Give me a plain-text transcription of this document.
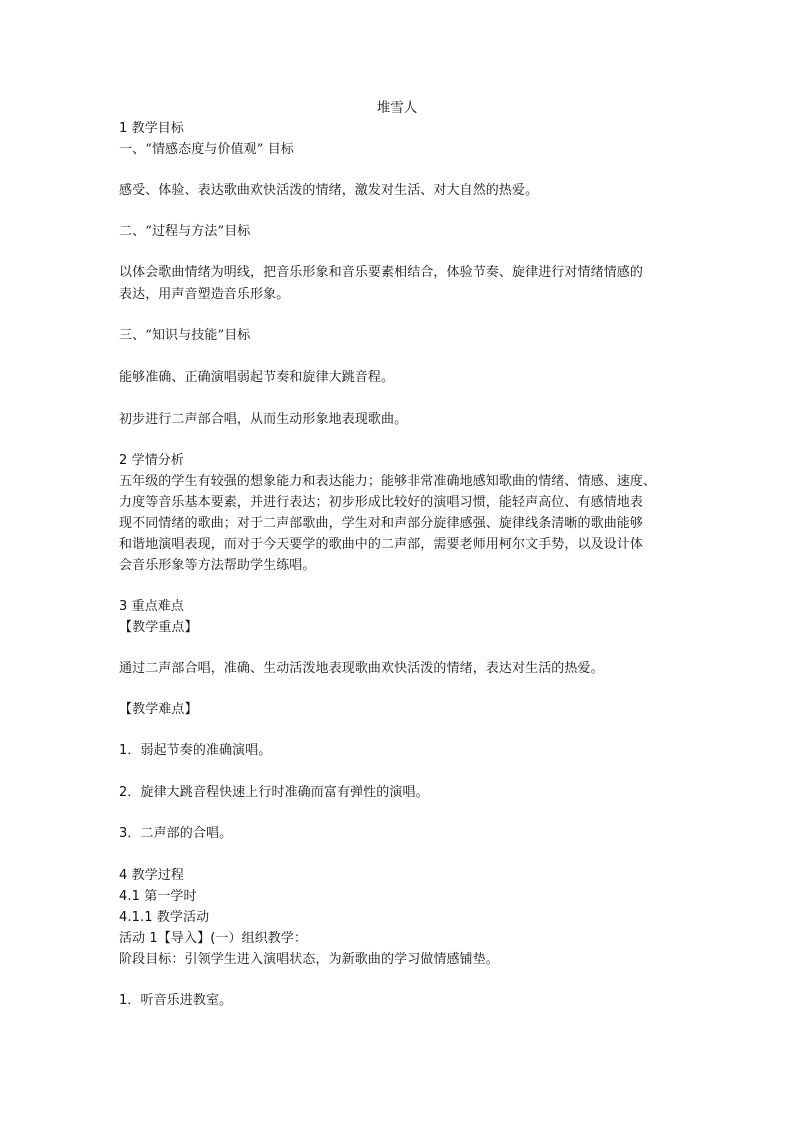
堆雪人
1 教学目标
一、“情感态度与价值观” 目标
感受、体验、表达歌曲欢快活泼的情绪，激发对生活、对大自然的热爱。
二、“过程与方法”目标
以体会歌曲情绪为明线，把音乐形象和音乐要素相结合，体验节奏、旋律进行对情绪情感的
表达，用声音塑造音乐形象。
三、“知识与技能”目标
能够准确、正确演唱弱起节奏和旋律大跳音程。
初步进行二声部合唱，从而生动形象地表现歌曲。
2 学情分析
五年级的学生有较强的想象能力和表达能力；能够非常准确地感知歌曲的情绪、情感、速度、
力度等音乐基本要素，并进行表达；初步形成比较好的演唱习惯，能轻声高位、有感情地表
现不同情绪的歌曲；对于二声部歌曲，学生对和声部分旋律感强、旋律线条清晰的歌曲能够
和谐地演唱表现，而对于今天要学的歌曲中的二声部，需要老师用柯尔文手势，以及设计体
会音乐形象等方法帮助学生练唱。
3 重点难点
【教学重点】
通过二声部合唱，准确、生动活泼地表现歌曲欢快活泼的情绪，表达对生活的热爱。
【教学难点】
1．弱起节奏的准确演唱。
2．旋律大跳音程快速上行时准确而富有弹性的演唱。
3．二声部的合唱。
4 教学过程
4.1 第一学时
4.1.1 教学活动
活动 1【导入】(一）组织教学：
阶段目标：引领学生进入演唱状态，为新歌曲的学习做情感铺垫。
1．听音乐进教室。
